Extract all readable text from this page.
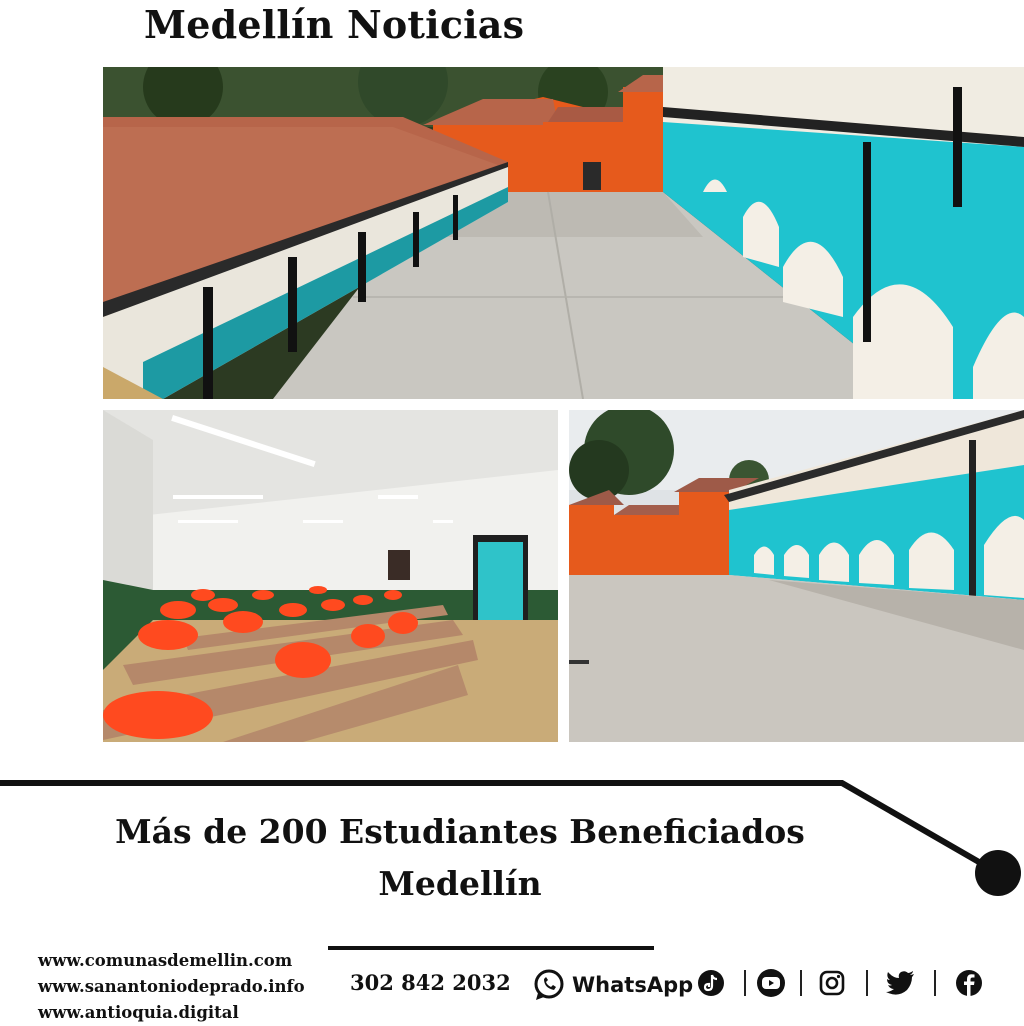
Medellín Noticias
Más de 200 Estudiantes Beneficiados
Medellín
www.comunasdemellin.com
www.sanantoniodeprado.info
www.antioquia.digital
302 842 2032	WhatsApp
